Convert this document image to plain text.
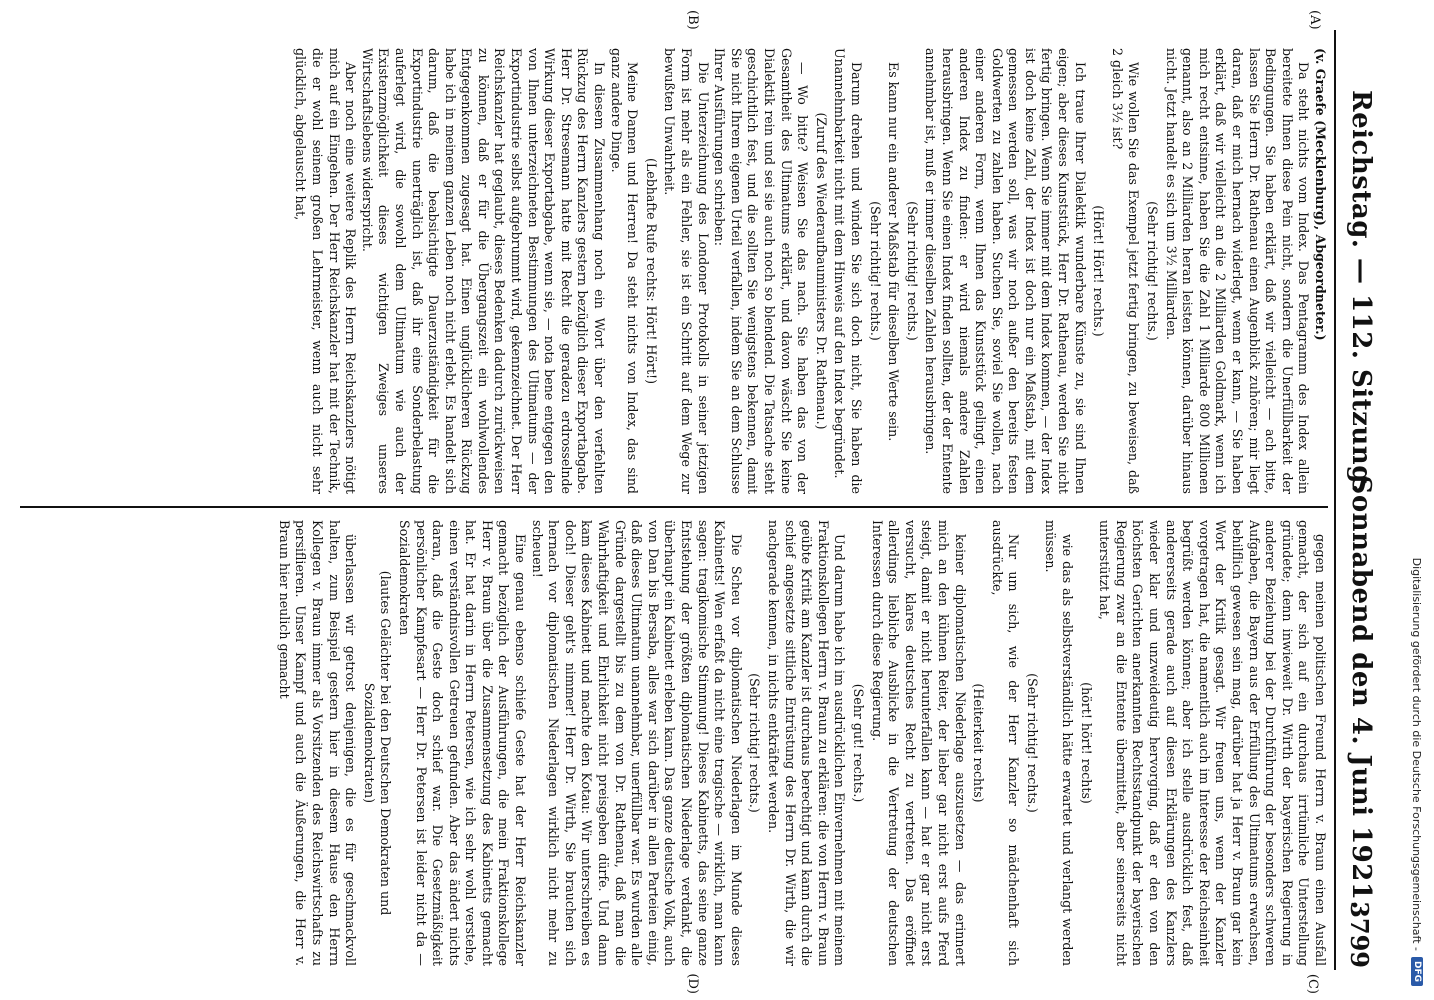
Reichstag. — 112. Sitzung.
Sonnabend den 4. Juni 1921.
3799
(A)
(B)
(C)
(D)

(v. Graefe (Mecklenburg), Abgeordneter.)

Da steht nichts vom Index. Das Pentagramm des Index allein bereitete Ihnen diese Pein nicht, sondern die Unerfüllbarkeit der Bedingungen. Sie haben erklärt, daß wir vielleicht — ach bitte, lassen Sie Herrn Dr. Rathenau einen Augenblick zuhören; mir liegt daran, daß er mich hernach widerlegt, wenn er kann, — Sie haben erklärt, daß wir vielleicht an die 2 Milliarden Goldmark, wenn ich mich recht entsinne, haben Sie die Zahl 1 Milliarde 800 Millionen genannt, also an 2 Milliarden heran leisten können, darüber hinaus nicht. Jetzt handelt es sich um 3½ Milliarden.

(Sehr richtig! rechts.)

Wie wollen Sie das Exempel jetzt fertig bringen, zu beweisen, daß 2 gleich 3½ ist?

(Hört! Hört! rechts.)

Ich traue Ihrer Dialektik wunderbare Künste zu, sie sind Ihnen eigen; aber dieses Kunststück, Herr Dr. Rathenau, werden Sie nicht fertig bringen. Wenn Sie immer mit dem Index kommen, — der Index ist doch keine Zahl, der Index ist doch nur ein Maßstab, mit dem gemessen werden soll, was wir noch außer den bereits festen Goldwerten zu zahlen haben. Suchen Sie, soviel Sie wollen, nach einer anderen Form, wenn Ihnen das Kunststück gelingt, einen anderen Index zu finden: er wird niemals andere Zahlen herausbringen. Wenn Sie einen Index finden sollten, der der Entente annehmbar ist, muß er immer dieselben Zahlen herausbringen.

(Sehr richtig! rechts.)

Es kann nur ein anderer Maßstab für dieselben Werte sein.

(Sehr richtig! rechts.)

Darum drehen und winden Sie sich doch nicht, Sie haben die Unannehmbarkeit nicht mit dem Hinweis auf den Index begründet.

(Zuruf des Wiederaufbauministers Dr. Rathenau.)

— Wo bitte? Weisen Sie das nach. Sie haben das von der Gesamtheit des Ultimatums erklärt, und davon wäscht Sie keine Dialektik rein und sei sie auch noch so blendend. Die Tatsache steht geschichtlich fest, und die sollten Sie wenigstens bekennen, damit Sie nicht Ihrem eigenen Urteil verfallen, indem Sie an dem Schlusse Ihrer Ausführungen schrieben:

Die Unterzeichnung des Londoner Protokolls in seiner jetzigen Form ist mehr als ein Fehler, sie ist ein Schritt auf dem Wege zur bewußten Unwahrheit.

(Lebhafte Rufe rechts: Hört! Hört!)

Meine Damen und Herren! Da steht nichts von Index, das sind ganz andere Dinge.

In diesem Zusammenhang noch ein Wort über den verfehlten Rückzug des Herrn Kanzlers gestern bezüglich dieser Exportabgabe. Herr Dr. Stresemann hatte mit Recht die geradezu erdrosselnde Wirkung dieser Exportabgabe, wenn sie, — nota bene entgegen den von Ihnen unterzeichneten Bestimmungen des Ultimatums — der Exportindustrie selbst aufgebrummt wird, gekennzeichnet. Der Herr Reichskanzler hat geglaubt, dieses Bedenken dadurch zurückweisen zu können, daß er für die Übergangszeit ein wohlwollendes Entgegenkommen zugesagt hat. Einen unglücklicheren Rückzug habe ich in meinem ganzen Leben noch nicht erlebt. Es handelt sich darum, daß die beabsichtigte Dauerzuständigkeit für die Exportindustrie unerträglich ist, daß ihr eine Sonderbelastung auferlegt wird, die sowohl dem Ultimatum wie auch der Existenzmöglichkeit dieses wichtigen Zweiges unseres Wirtschaftslebens widerspricht.

Aber noch eine weitere Replik des Herrn Reichskanzlers nötigt mich auf ein Eingehen. Der Herr Reichskanzler hat mit der Technik, die er wohl seinem großen Lehrmeister, wenn auch nicht sehr glücklich, abgelauscht hat,

gegen meinen politischen Freund Herrn v. Braun einen Ausfall gemacht, der sich auf ein durchaus irrtümliche Unterstellung gründete; denn inwieweit Dr. Wirth der bayerischen Regierung in anderer Beziehung bei der Durchführung der besonders schweren Aufgaben, die Bayern aus der Erfüllung des Ultimatums erwachsen, behilflich gewesen sein mag, darüber hat ja Herr v. Braun gar kein Wort der Kritik gesagt. Wir freuen uns, wenn der Kanzler vorgetragen hat, die namentlich auch im Interesse der Reichseinheit begrüßt werden können; aber ich stelle ausdrücklich fest, daß andererseits gerade auch auf diesen Erklärungen des Kanzlers wieder klar und unzweideutig hervorging, daß er den von den höchsten Gerichten anerkannten Rechtsstandpunkt der bayerischen Regierung zwar an die Entente übermittelt, aber seinerseits nicht unterstützt hat,

(hört! hört! rechts)

wie das als selbstverständlich hätte erwartet und verlangt werden müssen.

(Sehr richtig! rechts.)

Nur um sich, wie der Herr Kanzler so mädchenhaft sich ausdrückte,

(Heiterkeit rechts)

keiner diplomatischen Niederlage auszusetzen — das erinnert mich an den kühnen Reiter, der lieber gar nicht erst aufs Pferd steigt, damit er nicht herunterfallen kann — hat er gar nicht erst versucht, klares deutsches Recht zu vertreten. Das eröffnet allerdings liebliche Ausblicke in die Vertretung der deutschen Interessen durch diese Regierung.

(Sehr gut! rechts.)

Und darum habe ich im ausdrücklichen Einvernehmen mit meinem Fraktionskollegen Herrn v. Braun zu erklären: die von Herrn v. Braun geübte Kritik am Kanzler ist durchaus berechtigt und kann durch die schief angesetzte sittliche Entrüstung des Herrn Dr. Wirth, die wir nachgerade kennen, in nichts entkräftet werden.

(Sehr richtig! rechts.)

Die Scheu vor diplomatischen Niederlagen im Munde dieses Kabinetts! Wen erfaßt da nicht eine tragische — wirklich, man kann sagen: tragikomische Stimmung! Dieses Kabinetts, das seine ganze Entstehung der größten diplomatischen Niederlage verdankt, die überhaupt ein Kabinett erleben kann. Das ganze deutsche Volk, auch von Dan bis Bersaba, alles war sich darüber in allen Parteien einig, daß dieses Ultimatum unannehmbar, unerfüllbar war. Es wurden alle Gründe dargestellt bis zu dem von Dr. Rathenau, daß man die Wahrhaftigkeit und Ehrlichkeit nicht preisgeben dürfe. Und dann kam dieses Kabinett und machte den Kotau: Wir unterschreiben es doch! Dieser geht's nimmer! Herr Dr. Wirth, Sie brauchen sich hernach vor diplomatischen Niederlagen wirklich nicht mehr zu scheuen!

Eine genau ebenso schiefe Geste hat der Herr Reichskanzler gemacht bezüglich der Ausführungen, die mein Fraktionskollege Herr v. Braun über die Zusammensetzung des Kabinetts gemacht hat. Er hat darin in Herrn Petersen, wie ich sehr wohl verstehe, einen verständnisvollen Getreuen gefunden. Aber das ändert nichts daran, daß die Geste doch schief war. Die Gesetzmäßigkeit persönlicher Kampfesart — Herr Dr. Petersen ist leider nicht da — Sozialdemokraten

(lautes Gelächter bei den Deutschen Demokraten und Sozialdemokraten)

überlassen wir getrost denjenigen, die es für geschmackvoll halten, zum Beispiel gestern hier in diesem Hause den Herrn Kollegen v. Braun immer als Vorsitzenden des Reichswirtschafts zu persiflieren. Unser Kampf und auch die Äußerungen, die Herr v. Braun hier neulich gemacht	Digitalisierung gefördert durch die Deutsche Forschungsgemeinschaft -
DFG
